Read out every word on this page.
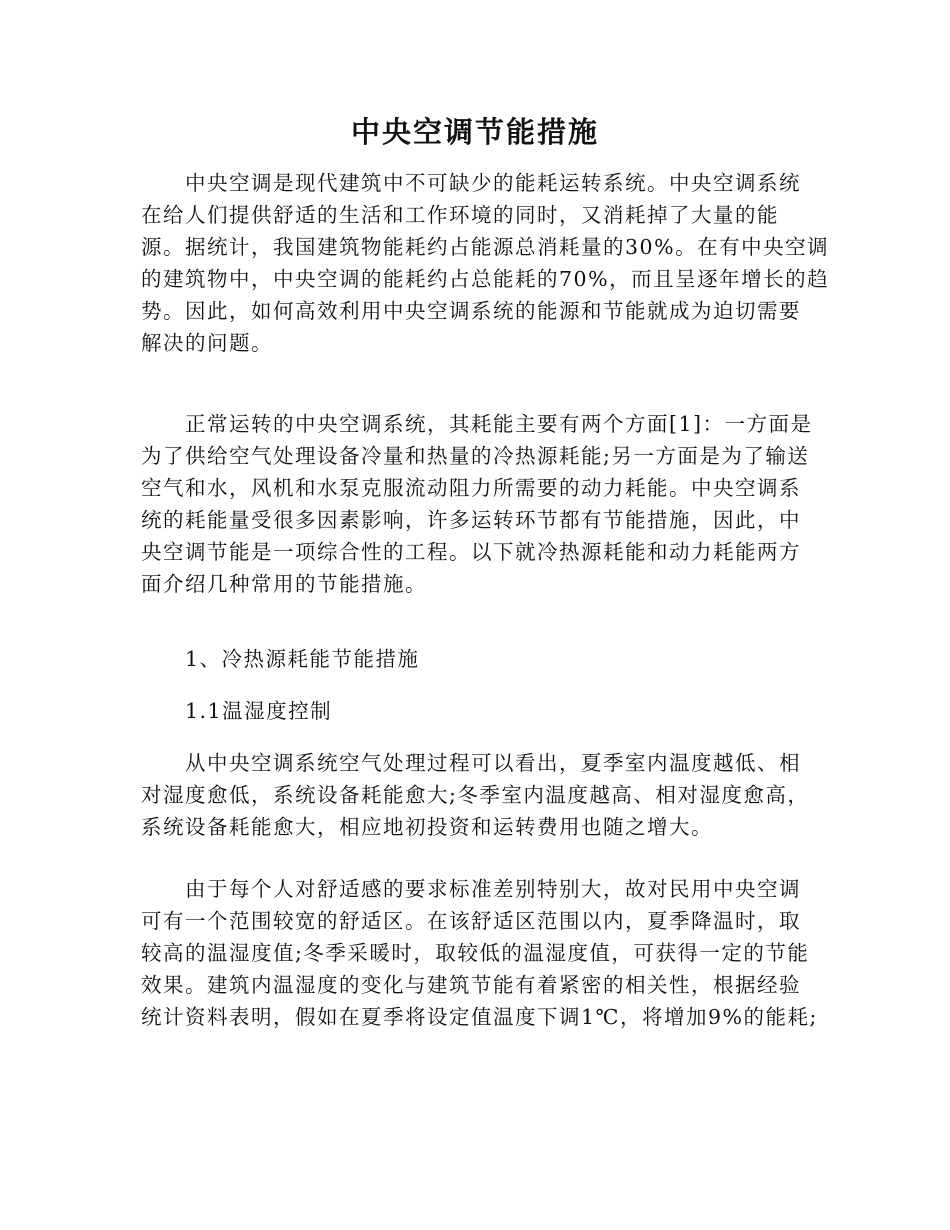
中央空调节能措施
中央空调是现代建筑中不可缺少的能耗运转系统。中央空调系统
在给人们提供舒适的生活和工作环境的同时，又消耗掉了大量的能
源。据统计，我国建筑物能耗约占能源总消耗量的30%。在有中央空调
的建筑物中，中央空调的能耗约占总能耗的70%，而且呈逐年增长的趋
势。因此，如何高效利用中央空调系统的能源和节能就成为迫切需要
解决的问题。
正常运转的中央空调系统，其耗能主要有两个方面[1]：一方面是
为了供给空气处理设备冷量和热量的冷热源耗能;另一方面是为了输送
空气和水，风机和水泵克服流动阻力所需要的动力耗能。中央空调系
统的耗能量受很多因素影响，许多运转环节都有节能措施，因此，中
央空调节能是一项综合性的工程。以下就冷热源耗能和动力耗能两方
面介绍几种常用的节能措施。
1、冷热源耗能节能措施
1.1温湿度控制
从中央空调系统空气处理过程可以看出，夏季室内温度越低、相
对湿度愈低，系统设备耗能愈大;冬季室内温度越高、相对湿度愈高，
系统设备耗能愈大，相应地初投资和运转费用也随之增大。
由于每个人对舒适感的要求标准差别特别大，故对民用中央空调
可有一个范围较宽的舒适区。在该舒适区范围以内，夏季降温时，取
较高的温湿度值;冬季采暖时，取较低的温湿度值，可获得一定的节能
效果。建筑内温湿度的变化与建筑节能有着紧密的相关性，根据经验
统计资料表明，假如在夏季将设定值温度下调1℃，将增加9%的能耗;
